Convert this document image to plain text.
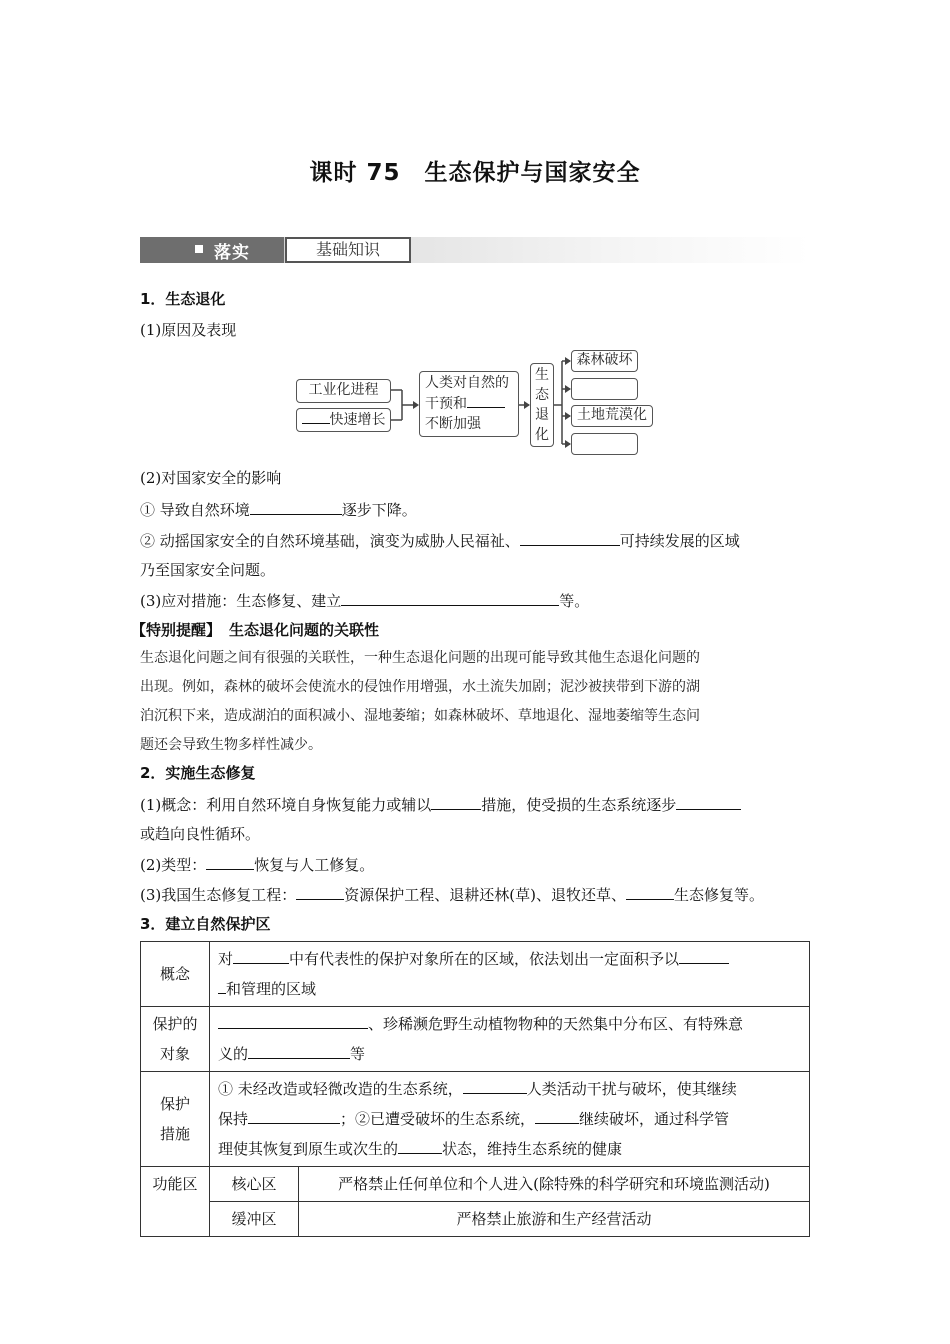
课时 75　生态保护与国家安全
落实	基础知识
1．生态退化
(1)原因及表现
工业化进程
快速增长
人类对自然的
干预和
不断加强
生
态
退
化
森林破坏
土地荒漠化
(2)对国家安全的影响
① 导致自然环境	逐步下降。
② 动摇国家安全的自然环境基础，演变为威胁人民福祉、	可持续发展的区域
乃至国家安全问题。
(3)应对措施：生态修复、建立	等。
【特别提醒】 生态退化问题的关联性
生态退化问题之间有很强的关联性，一种生态退化问题的出现可能导致其他生态退化问题的
出现。例如，森林的破坏会使流水的侵蚀作用增强，水土流失加剧；泥沙被挟带到下游的湖
泊沉积下来，造成湖泊的面积减小、湿地萎缩；如森林破坏、草地退化、湿地萎缩等生态问
题还会导致生物多样性减少。
2．实施生态修复
(1)概念：利用自然环境自身恢复能力或辅以	措施，使受损的生态系统逐步
或趋向良性循环。
(2)类型：	恢复与人工修复。
(3)我国生态修复工程：	资源保护工程、退耕还林(草)、退牧还草、	生态修复等。
3．建立自然保护区
概念	对 中有代表性的保护对象所在的区域，依法划出一定面积予以
和管理的区域	
保护的
对象	、珍稀濒危野生动植物物种的天然集中分布区、有特殊意
义的 等	
保护
措施	① 未经改造或轻微改造的生态系统， 人类活动干扰与破坏，使其继续
保持 ；②已遭受破坏的生态系统， 继续破坏，通过科学管
理使其恢复到原生或次生的 状态，维持生态系统的健康	
功能区	核心区	严格禁止任何单位和个人进入(除特殊的科学研究和环境监测活动)
	缓冲区	严格禁止旅游和生产经营活动
